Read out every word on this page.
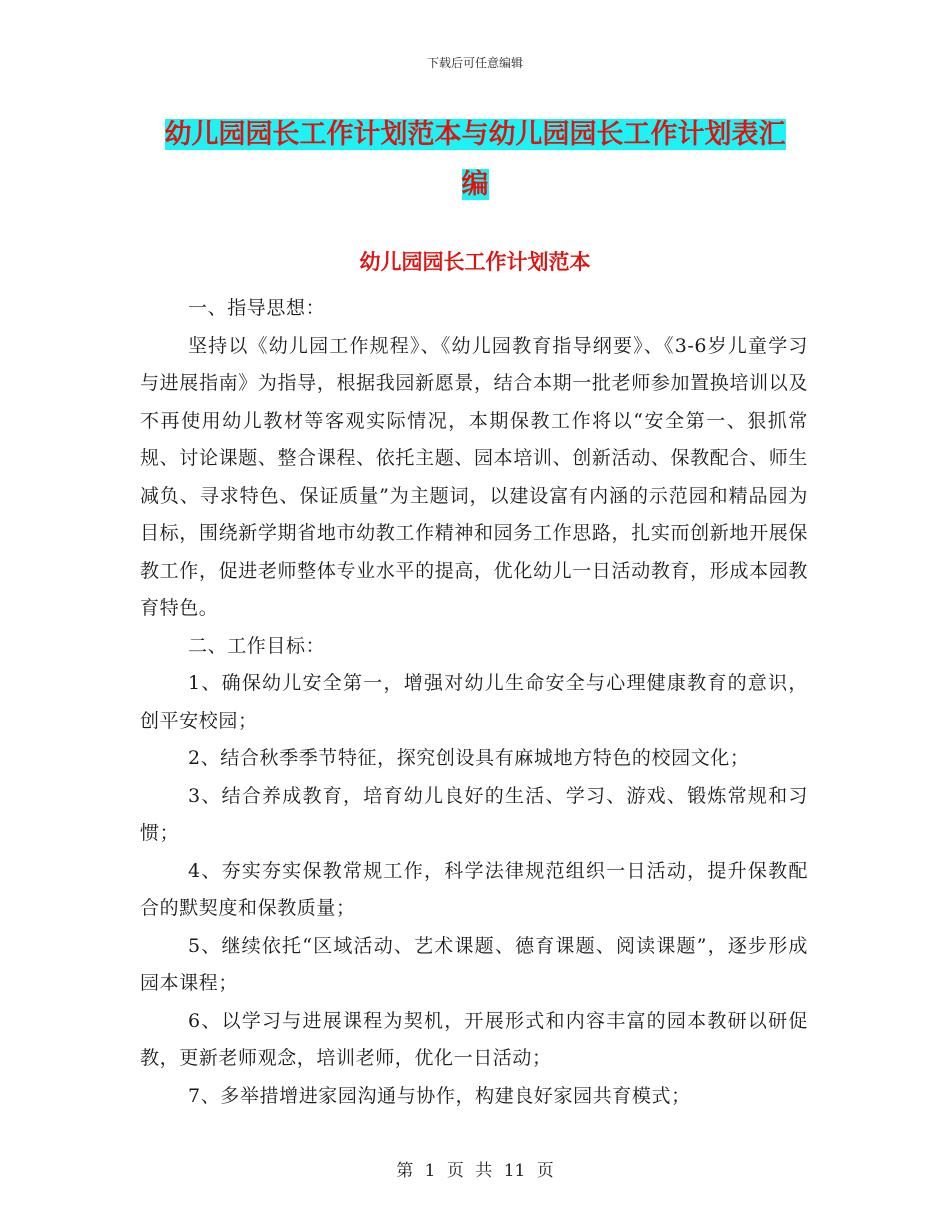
下载后可任意编辑
幼儿园园长工作计划范本与幼儿园园长工作计划表汇
编
幼儿园园长工作计划范本

一、指导思想：

坚持以《幼儿园工作规程》、《幼儿园教育指导纲要》、《3-6岁儿童学习与进展指南》为指导，根据我园新愿景，结合本期一批老师参加置换培训以及不再使用幼儿教材等客观实际情况，本期保教工作将以“安全第一、狠抓常规、讨论课题、整合课程、依托主题、园本培训、创新活动、保教配合、师生减负、寻求特色、保证质量”为主题词，以建设富有内涵的示范园和精品园为目标，围绕新学期省地市幼教工作精神和园务工作思路，扎实而创新地开展保教工作，促进老师整体专业水平的提高，优化幼儿一日活动教育，形成本园教育特色。

二、工作目标：

1、确保幼儿安全第一，增强对幼儿生命安全与心理健康教育的意识，创平安校园；

2、结合秋季季节特征，探究创设具有麻城地方特色的校园文化；

3、结合养成教育，培育幼儿良好的生活、学习、游戏、锻炼常规和习惯；

4、夯实夯实保教常规工作，科学法律规范组织一日活动，提升保教配合的默契度和保教质量；

5、继续依托“区域活动、艺术课题、德育课题、阅读课题”，逐步形成园本课程；

6、以学习与进展课程为契机，开展形式和内容丰富的园本教研以研促教，更新老师观念，培训老师，优化一日活动；

7、多举措增进家园沟通与协作，构建良好家园共育模式；

第 1 页 共 11 页
